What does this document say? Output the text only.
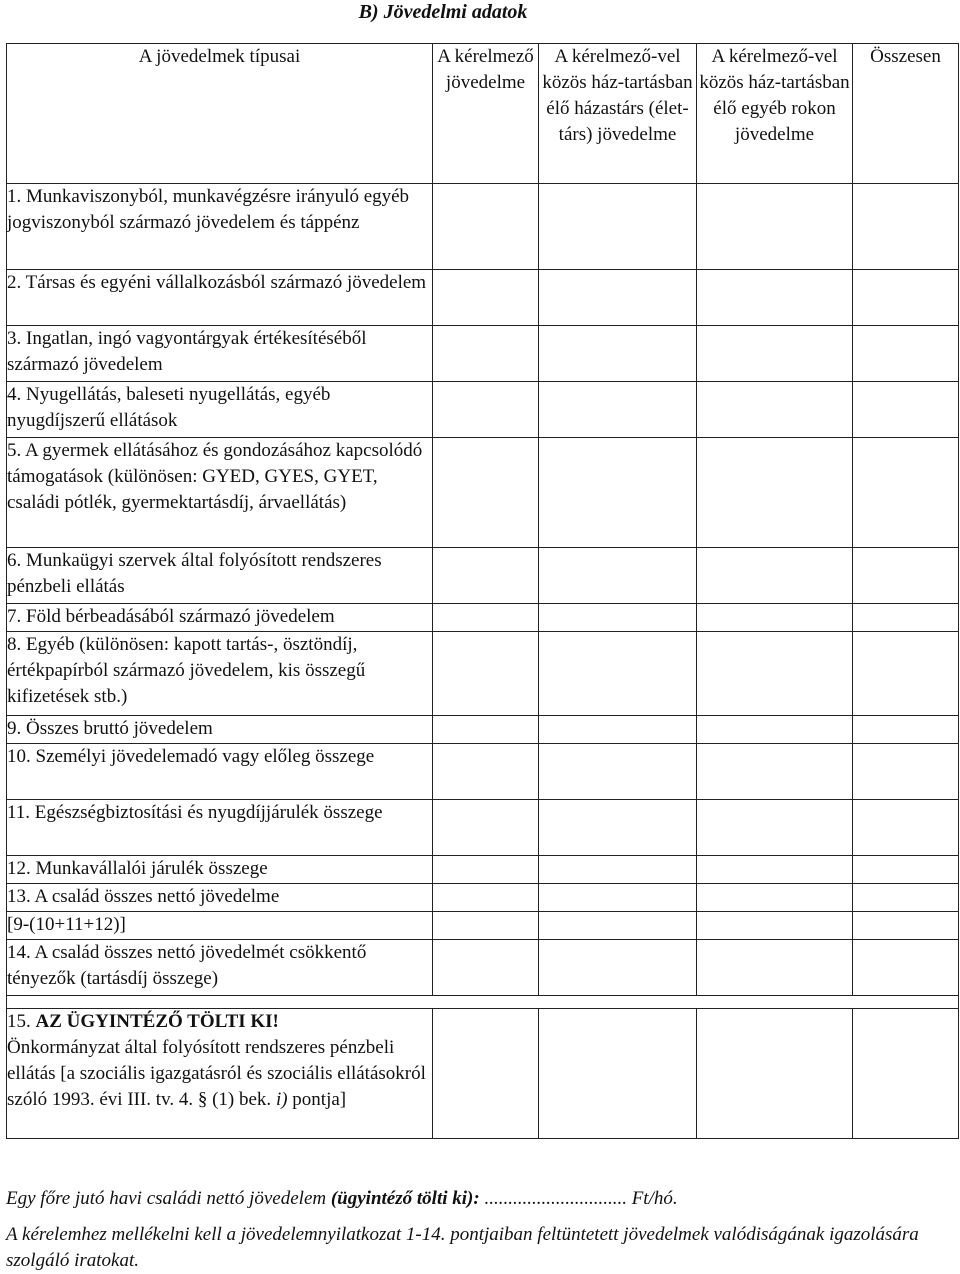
B) Jövedelmi adatok
A jövedelmek típusai	A kérelmező jövedelme	A kérelmező-vel közös ház-tartásban élő házastárs (élet-társ) jövedelme	A kérelmező-vel közös ház-tartásban élő egyéb rokon jövedelme	Összesen
1. Munkaviszonyból, munkavégzésre irányuló egyéb jogviszonyból származó jövedelem és táppénz				
2. Társas és egyéni vállalkozásból származó jövedelem				
3. Ingatlan, ingó vagyontárgyak értékesítéséből származó jövedelem				
4. Nyugellátás, baleseti nyugellátás, egyéb nyugdíjszerű ellátások				
5. A gyermek ellátásához és gondozásához kapcsolódó támogatások (különösen: GYED, GYES, GYET, családi pótlék, gyermektartásdíj, árvaellátás)				
6. Munkaügyi szervek által folyósított rendszeres pénzbeli ellátás				
7. Föld bérbeadásából származó jövedelem				
8. Egyéb (különösen: kapott tartás-, ösztöndíj, értékpapírból származó jövedelem, kis összegű kifizetések stb.)				
9. Összes bruttó jövedelem				
10. Személyi jövedelemadó vagy előleg összege				
11. Egészségbiztosítási és nyugdíjjárulék összege				
12. Munkavállalói járulék összege				
13. A család összes nettó jövedelme				
[9-(10+11+12)]				
14. A család összes nettó jövedelmét csökkentő tényezők (tartásdíj összege)				

15. AZ ÜGYINTÉZŐ TÖLTI KI!
Önkormányzat által folyósított rendszeres pénzbeli ellátás [a szociális igazgatásról és szociális ellátásokról szóló 1993. évi III. tv. 4. § (1) bek. i) pontja]				
Egy főre jutó havi családi nettó jövedelem (ügyintéző tölti ki): .............................. Ft/hó.
A kérelemhez mellékelni kell a jövedelemnyilatkozat 1-14. pontjaiban feltüntetett jövedelmek valódiságának igazolására szolgáló iratokat.
